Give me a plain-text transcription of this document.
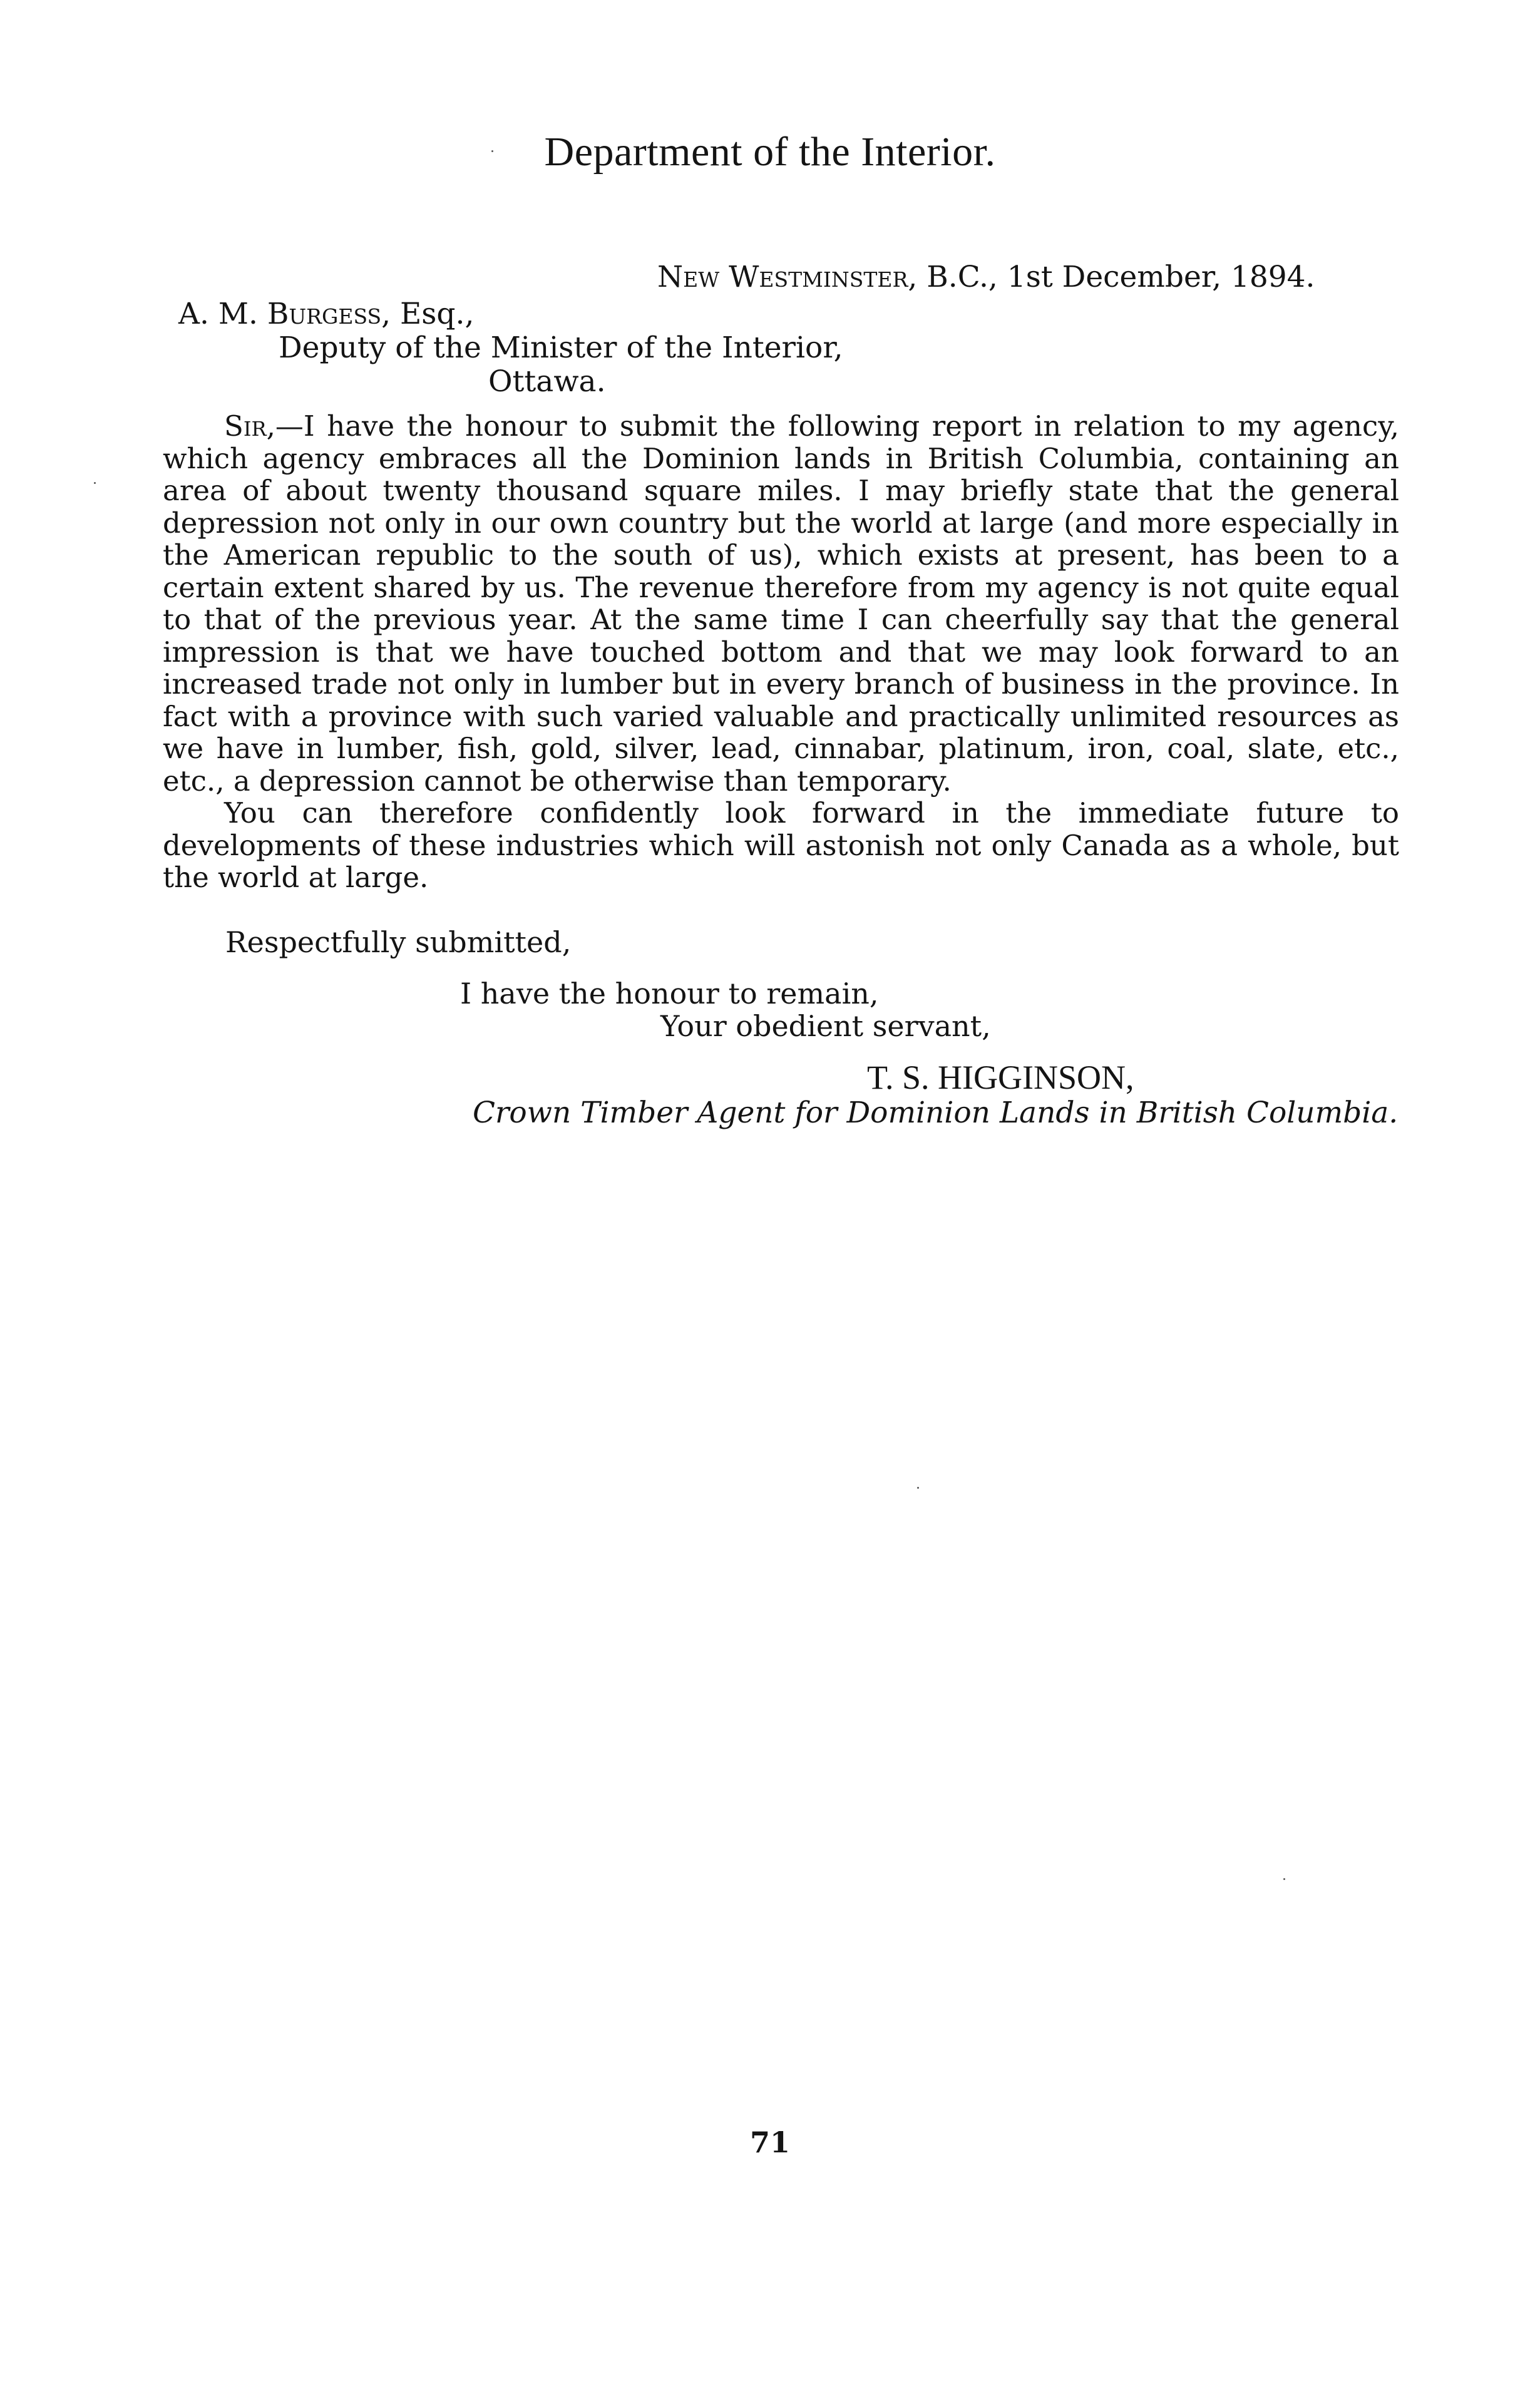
Department of the Interior.
New Westminster, B.C., 1st December, 1894.
A. M. Burgess, Esq.,
Deputy of the Minister of the Interior,
Ottawa.

Sir,—I have the honour to submit the following report in relation to my agency, which agency embraces all the Dominion lands in British Columbia, containing an area of about twenty thousand square miles. I may briefly state that the general depression not only in our own country but the world at large (and more especially in the American republic to the south of us), which exists at present, has been to a certain extent shared by us. The revenue therefore from my agency is not quite equal to that of the previous year. At the same time I can cheerfully say that the general impression is that we have touched bottom and that we may look forward to an increased trade not only in lumber but in every branch of business in the province. In fact with a province with such varied valuable and practically unlimited resources as we have in lumber, fish, gold, silver, lead, cinnabar, platinum, iron, coal, slate, etc., etc., a depression cannot be otherwise than temporary.

You can therefore confidently look forward in the immediate future to developments of these industries which will astonish not only Canada as a whole, but the world at large.

Respectfully submitted,
I have the honour to remain,
Your obedient servant,
T. S. HIGGINSON,
Crown Timber Agent for Dominion Lands in British Columbia.
71
